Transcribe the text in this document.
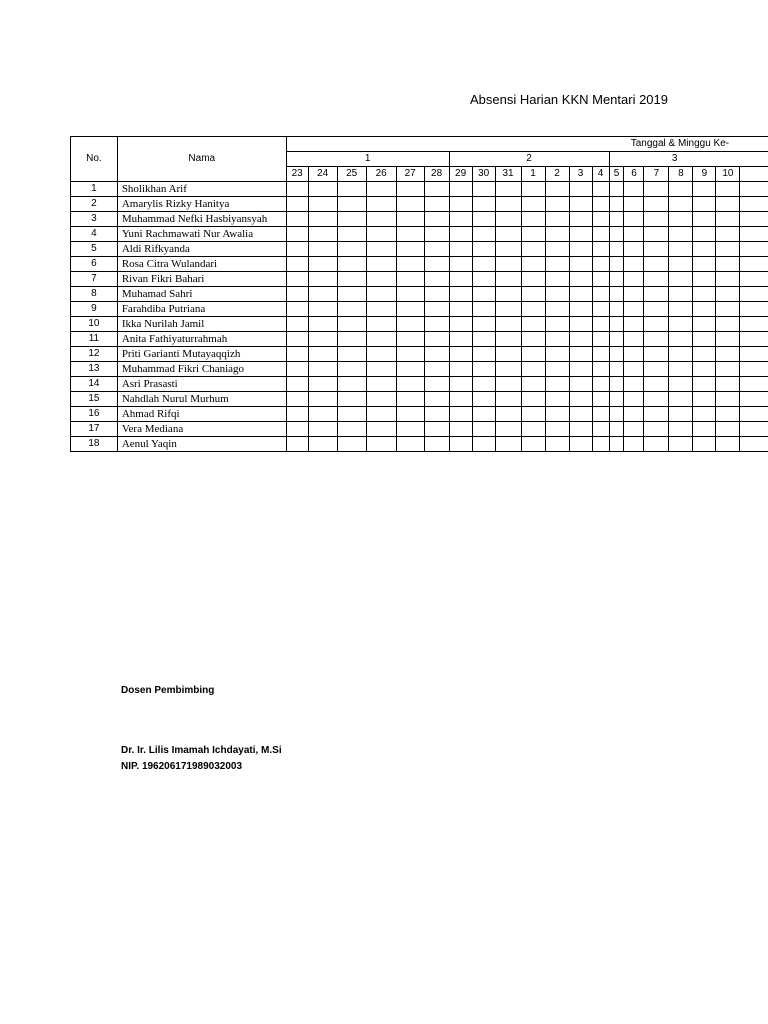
Absensi Harian KKN Mentari 2019
No.	Nama	Tanggal & Minggu Ke-																			
		1						2							3						
		23	24	25	26	27	28	29	30	31	1	2	3	4	5	6	7	8	9	10	
1	Sholikhan Arif																				
2	Amarylis Rizky Hanitya																				
3	Muhammad Nefki Hasbiyansyah																				
4	Yuni Rachmawati Nur Awalia																				
5	Aldi Rifkyanda																				
6	Rosa Citra Wulandari																				
7	Rivan Fikri Bahari																				
8	Muhamad Sahri																				
9	Farahdiba Putriana																				
10	Ikka Nurilah Jamil																				
11	Anita Fathiyaturrahmah																				
12	Priti Garianti Mutayaqqizh																				
13	Muhammad Fikri Chaniago																				
14	Asri Prasasti																				
15	Nahdlah Nurul Murhum																				
16	Ahmad Rifqi																				
17	Vera Mediana																				
18	Aenul Yaqin																				
Dosen Pembimbing
Dr. Ir. Lilis Imamah Ichdayati, M.Si
NIP. 196206171989032003
